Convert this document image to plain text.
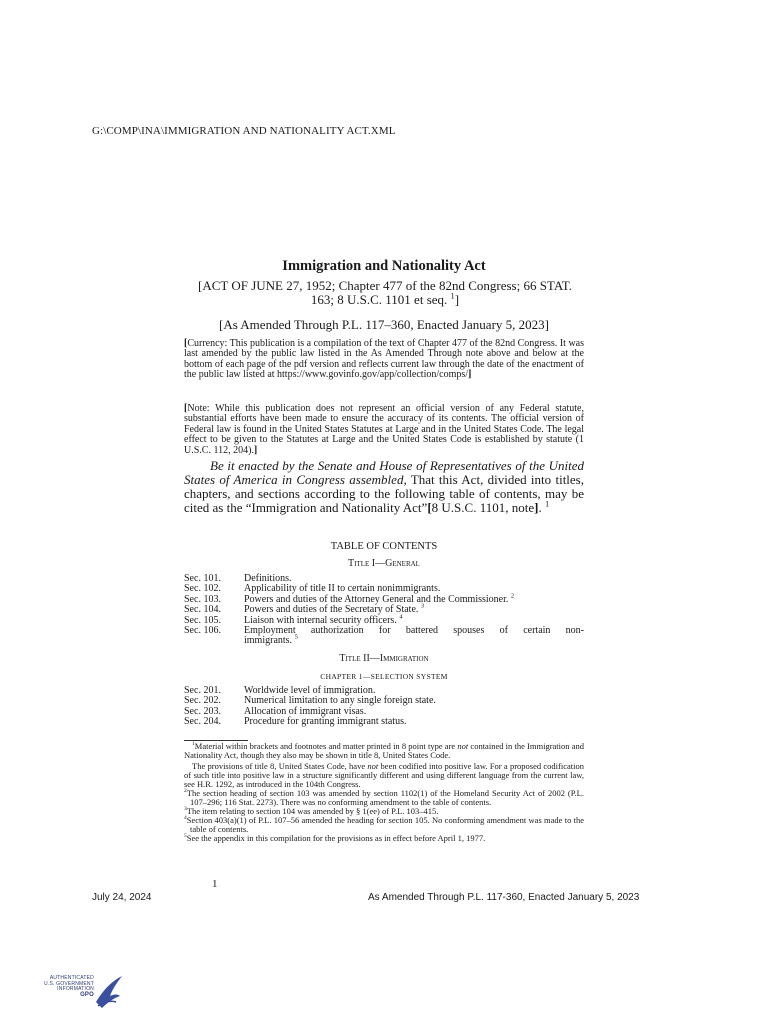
G:\COMP\INA\IMMIGRATION AND NATIONALITY ACT.XML
Immigration and Nationality Act
[ACT OF JUNE 27, 1952; Chapter 477 of the 82nd Congress; 66 STAT. 163; 8 U.S.C. 1101 et seq. $^1$]
[As Amended Through P.L. 117–360, Enacted January 5, 2023]
[Currency: This publication is a compilation of the text of Chapter 477 of the 82nd Congress. It was last amended by the public law listed in the As Amended Through note above and below at the bottom of each page of the pdf version and reflects current law through the date of the enactment of the public law listed at https://www.govinfo.gov/app/collection/comps/]
[Note: While this publication does not represent an official version of any Federal statute, substantial efforts have been made to ensure the accuracy of its contents. The official version of Federal law is found in the United States Statutes at Large and in the United States Code. The legal effect to be given to the Statutes at Large and the United States Code is established by statute (1 U.S.C. 112, 204).]
Be it enacted by the Senate and House of Representatives of the United States of America in Congress assembled, That this Act, divided into titles, chapters, and sections according to the following table of contents, may be cited as the “Immigration and Nationality Act”[8 U.S.C. 1101, note]. $^1$
TABLE OF CONTENTS
Title I—General
Sec. 101.	Definitions.
Sec. 102.	Applicability of title II to certain nonimmigrants.
Sec. 103.	Powers and duties of the Attorney General and the Commissioner. $^2$
Sec. 104.	Powers and duties of the Secretary of State. $^3$
Sec. 105.	Liaison with internal security officers. $^4$
Sec. 106.	Employment authorization for battered spouses of certain non-
immigrants. $^5$
Title II—Immigration
CHAPTER 1—SELECTION SYSTEM
Sec. 201.	Worldwide level of immigration.
Sec. 202.	Numerical limitation to any single foreign state.
Sec. 203.	Allocation of immigrant visas.
Sec. 204.	Procedure for granting immigrant status.

$^1$Material within brackets and footnotes and matter printed in 8 point type are not contained in the Immigration and Nationality Act, though they also may be shown in title 8, United States Code.

The provisions of title 8, United States Code, have not been codified into positive law. For a proposed codification of such title into positive law in a structure significantly different and using different language from the current law, see H.R. 1292, as introduced in the 104th Congress.

$^2$The section heading of section 103 was amended by section 1102(1) of the Homeland Security Act of 2002 (P.L. 107–296; 116 Stat. 2273). There was no conforming amendment to the table of contents.

$^3$The item relating to section 104 was amended by § 1(ee) of P.L. 103–415.

$^4$Section 403(a)(1) of P.L. 107–56 amended the heading for section 105. No conforming amendment was made to the table of contents.

$^5$See the appendix in this compilation for the provisions as in effect before April 1, 1977.

1
July 24, 2024	As Amended Through P.L. 117-360, Enacted January 5, 2023
AUTHENTICATED
U.S. GOVERNMENT
INFORMATION
GPO
